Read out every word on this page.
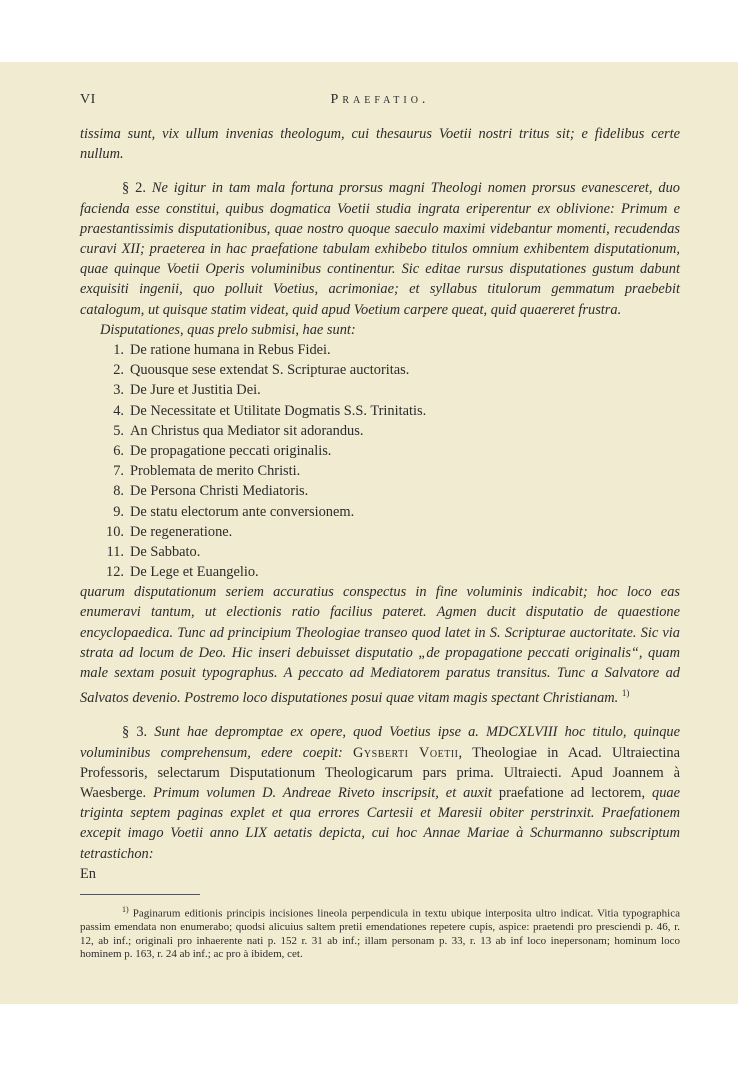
VI	Praefatio.

tissima sunt, vix ullum invenias theologum, cui thesaurus Voetii nostri tritus sit; e fidelibus certe nullum.

§ 2. Ne igitur in tam mala fortuna prorsus magni Theologi nomen prorsus evanesceret, duo facienda esse constitui, quibus dogmatica Voetii studia ingrata eriperentur ex oblivione: Primum e praestantissimis disputationibus, quae nostro quoque saeculo maximi videbantur momenti, recudendas curavi XII; praeterea in hac praefatione tabulam exhibebo titulos omnium exhibentem disputationum, quae quinque Voetii Operis voluminibus continentur. Sic editae rursus disputationes gustum dabunt exquisiti ingenii, quo polluit Voetius, acrimoniae; et syllabus titulorum gemmatum praebebit catalogum, ut quisque statim videat, quid apud Voetium carpere queat, quid quaereret frustra.

Disputationes, quas prelo submisi, hae sunt:

1. De ratione humana in Rebus Fidei.
2. Quousque sese extendat S. Scripturae auctoritas.
3. De Jure et Justitia Dei.
4. De Necessitate et Utilitate Dogmatis S.S. Trinitatis.
5. An Christus qua Mediator sit adorandus.
6. De propagatione peccati originalis.
7. Problemata de merito Christi.
8. De Persona Christi Mediatoris.
9. De statu electorum ante conversionem.
10. De regeneratione.
11. De Sabbato.
12. De Lege et Euangelio.

quarum disputationum seriem accuratius conspectus in fine voluminis indicabit; hoc loco eas enumeravi tantum, ut electionis ratio facilius pateret. Agmen ducit disputatio de quaestione encyclopaedica. Tunc ad principium Theologiae transeo quod latet in S. Scripturae auctoritate. Sic via strata ad locum de Deo. Hic inseri debuisset disputatio „de propagatione peccati originalis“, quam male sextam posuit typographus. A peccato ad Mediatorem paratus transitus. Tunc a Salvatore ad Salvatos devenio. Postremo loco disputationes posui quae vitam magis spectant Christianam. $^{1)}$

§ 3. Sunt hae depromptae ex opere, quod Voetius ipse a. MDCXLVIII hoc titulo, quinque voluminibus comprehensum, edere coepit: Gysberti Voetii, Theologiae in Acad. Ultraiectina Professoris, selectarum Disputationum Theologicarum pars prima. Ultraiecti. Apud Joannem à Waesberge. Primum volumen D. Andreae Riveto inscripsit, et auxit praefatione ad lectorem, quae triginta septem paginas explet et qua errores Cartesii et Maresii obiter perstrinxit. Praefationem excepit imago Voetii anno LIX aetatis depicta, cui hoc Annae Mariae à Schurmanno subscriptum tetrastichon:

En

$^{1)}$ Paginarum editionis principis incisiones lineola perpendicula in textu ubique interposita ultro indicat. Vitia typographica passim emendata non enumerabo; quodsi alicuius saltem pretii emendationes repetere cupis, aspice: praetendi pro presciendi p. 46, r. 12, ab inf.; originali pro inhaerente nati p. 152 r. 31 ab inf.; illam personam p. 33, r. 13 ab inf loco inepersonam; hominum loco hominem p. 163, r. 24 ab inf.; ac pro à ibidem, cet.
